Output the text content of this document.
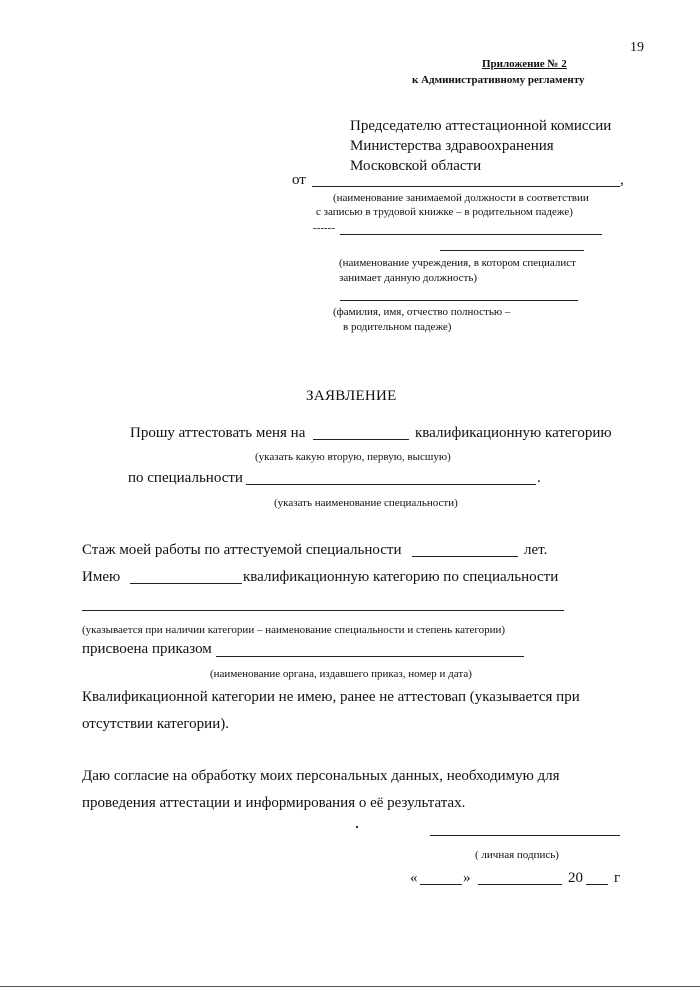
19
Приложение № 2
к Административному регламенту
Председателю аттестационной комиссии
Министерства здравоохранения
Московской области
от	,
(наименование занимаемой должности в соответствии
с записью в трудовой книжке – в родительном падеже)
------
(наименование учреждения, в котором специалист
занимает данную должность)
(фамилия, имя, отчество полностью –
в родительном падеже)
ЗАЯВЛЕНИЕ
Прошу аттестовать меня на	квалификационную категорию
(указать какую вторую, первую, высшую)
по специальности	.
(указать наименование специальности)
Стаж моей работы по аттестуемой специальности	лет.
Имею	квалификационную категорию по специальности
(указывается при наличии категории – наименование специальности и степень категории)
присвоена приказом
(наименование органа, издавшего приказ, номер и дата)
Квалификационной категории не имею, ранее не аттестовап (указывается при
отсутствии категории).
Даю согласие на обработку моих персональных данных, необходимую для
проведения аттестации и информирования о её результатах.
( личная подпись)
«	»	20 г
